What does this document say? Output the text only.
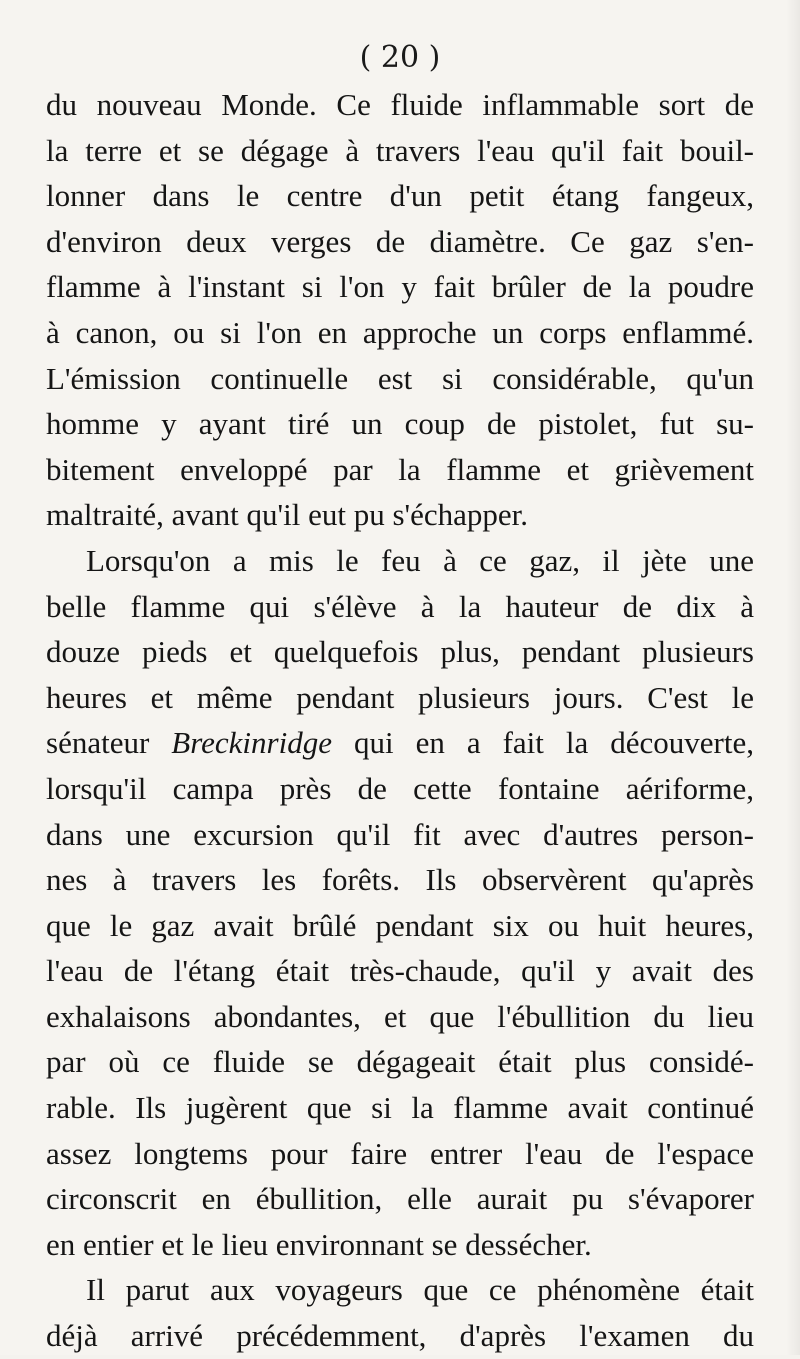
( 20 )
du nouveau Monde. Ce fluide inflammable sort de
la terre et se dégage à travers l'eau qu'il fait bouil-
lonner dans le centre d'un petit étang fangeux,
d'environ deux verges de diamètre. Ce gaz s'en-
flamme à l'instant si l'on y fait brûler de la poudre
à canon, ou si l'on en approche un corps enflammé.
L'émission continuelle est si considérable, qu'un
homme y ayant tiré un coup de pistolet, fut su-
bitement enveloppé par la flamme et grièvement
maltraité, avant qu'il eut pu s'échapper.
Lorsqu'on a mis le feu à ce gaz, il jète une
belle flamme qui s'élève à la hauteur de dix à
douze pieds et quelquefois plus, pendant plusieurs
heures et même pendant plusieurs jours. C'est le
sénateur Breckinridge qui en a fait la découverte,
lorsqu'il campa près de cette fontaine aériforme,
dans une excursion qu'il fit avec d'autres person-
nes à travers les forêts. Ils observèrent qu'après
que le gaz avait brûlé pendant six ou huit heures,
l'eau de l'étang était très-chaude, qu'il y avait des
exhalaisons abondantes, et que l'ébullition du lieu
par où ce fluide se dégageait était plus considé-
rable. Ils jugèrent que si la flamme avait continué
assez longtems pour faire entrer l'eau de l'espace
circonscrit en ébullition, elle aurait pu s'évaporer
en entier et le lieu environnant se dessécher.
Il parut aux voyageurs que ce phénomène était
déjà arrivé précédemment, d'après l'examen du
